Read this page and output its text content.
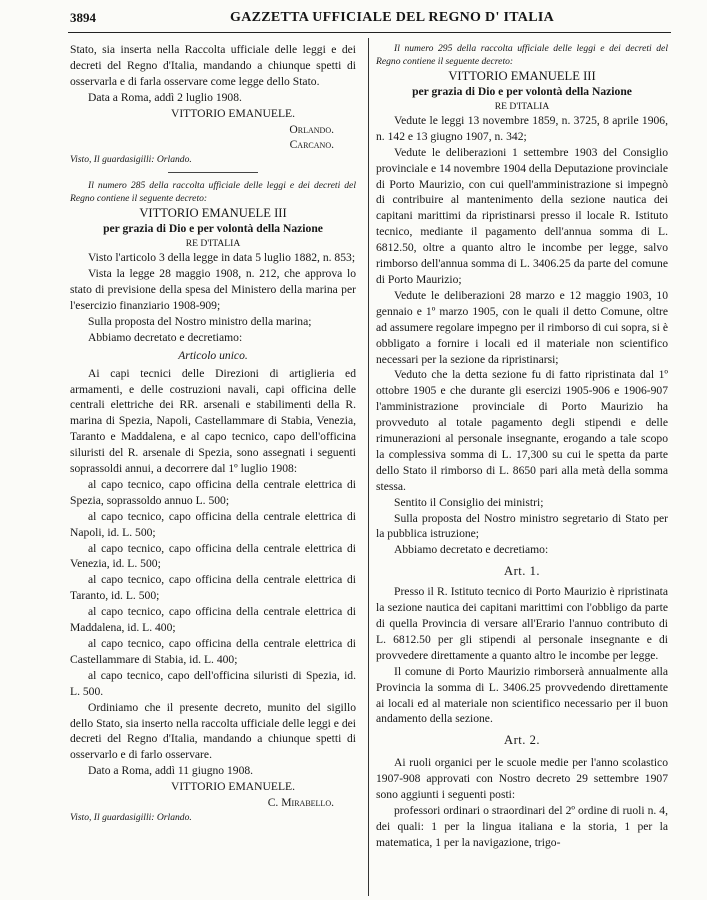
3894	GAZZETTA UFFICIALE DEL REGNO D' ITALIA

Stato, sia inserta nella Raccolta ufficiale delle leggi e dei decreti del Regno d'Italia, mandando a chiunque spetti di osservarla e di farla osservare come legge dello Stato.

Data a Roma, addì 2 luglio 1908.

VITTORIO EMANUELE.

Orlando.

Carcano.

Visto, Il guardasigilli: Orlando.

Il numero 285 della raccolta ufficiale delle leggi e dei decreti del Regno contiene il seguente decreto:

VITTORIO EMANUELE III

per grazia di Dio e per volontà della Nazione

RE D'ITALIA

Visto l'articolo 3 della legge in data 5 luglio 1882, n. 853;

Vista la legge 28 maggio 1908, n. 212, che approva lo stato di previsione della spesa del Ministero della marina per l'esercizio finanziario 1908-909;

Sulla proposta del Nostro ministro della marina;

Abbiamo decretato e decretiamo:

Articolo unico.

Ai capi tecnici delle Direzioni di artiglieria ed armamenti, e delle costruzioni navali, capi officina delle centrali elettriche dei RR. arsenali e stabilimenti della R. marina di Spezia, Napoli, Castellammare di Stabia, Venezia, Taranto e Maddalena, e al capo tecnico, capo dell'officina siluristi del R. arsenale di Spezia, sono assegnati i seguenti soprassoldi annui, a decorrere dal 1º luglio 1908:

al capo tecnico, capo officina della centrale elettrica di Spezia, soprassoldo annuo L. 500;

al capo tecnico, capo officina della centrale elettrica di Napoli, id. L. 500;

al capo tecnico, capo officina della centrale elettrica di Venezia, id. L. 500;

al capo tecnico, capo officina della centrale elettrica di Taranto, id. L. 500;

al capo tecnico, capo officina della centrale elettrica di Maddalena, id. L. 400;

al capo tecnico, capo officina della centrale elettrica di Castellammare di Stabia, id. L. 400;

al capo tecnico, capo dell'officina siluristi di Spezia, id. L. 500.

Ordiniamo che il presente decreto, munito del sigillo dello Stato, sia inserto nella raccolta ufficiale delle leggi e dei decreti del Regno d'Italia, mandando a chiunque spetti di osservarlo e di farlo osservare.

Dato a Roma, addì 11 giugno 1908.

VITTORIO EMANUELE.

C. Mirabello.

Visto, Il guardasigilli: Orlando.

Il numero 295 della raccolta ufficiale delle leggi e dei decreti del Regno contiene il seguente decreto:

VITTORIO EMANUELE III

per grazia di Dio e per volontà della Nazione

RE D'ITALIA

Vedute le leggi 13 novembre 1859, n. 3725, 8 aprile 1906, n. 142 e 13 giugno 1907, n. 342;

Vedute le deliberazioni 1 settembre 1903 del Consiglio provinciale e 14 novembre 1904 della Deputazione provinciale di Porto Maurizio, con cui quell'amministrazione si impegnò di contribuire al mantenimento della sezione nautica dei capitani marittimi da ripristinarsi presso il locale R. Istituto tecnico, mediante il pagamento dell'annua somma di L. 6812.50, oltre a quanto altro le incombe per legge, salvo rimborso dell'annua somma di L. 3406.25 da parte del comune di Porto Maurizio;

Vedute le deliberazioni 28 marzo e 12 maggio 1903, 10 gennaio e 1º marzo 1905, con le quali il detto Comune, oltre ad assumere regolare impegno per il rimborso di cui sopra, si è obbligato a fornire i locali ed il materiale non scientifico necessari per la sezione da ripristinarsi;

Veduto che la detta sezione fu di fatto ripristinata dal 1º ottobre 1905 e che durante gli esercizi 1905-906 e 1906-907 l'amministrazione provinciale di Porto Maurizio ha provveduto al totale pagamento degli stipendi e delle rimunerazioni al personale insegnante, erogando a tale scopo la complessiva somma di L. 17,300 su cui le spetta da parte dello Stato il rimborso di L. 8650 pari alla metà della somma stessa.

Sentito il Consiglio dei ministri;

Sulla proposta del Nostro ministro segretario di Stato per la pubblica istruzione;

Abbiamo decretato e decretiamo:

Art. 1.

Presso il R. Istituto tecnico di Porto Maurizio è ripristinata la sezione nautica dei capitani marittimi con l'obbligo da parte di quella Provincia di versare all'Erario l'annuo contributo di L. 6812.50 per gli stipendi al personale insegnante e di provvedere direttamente a quanto altro le incombe per legge.

Il comune di Porto Maurizio rimborserà annualmente alla Provincia la somma di L. 3406.25 provvedendo direttamente ai locali ed al materiale non scientifico necessario per il buon andamento della sezione.

Art. 2.

Ai ruoli organici per le scuole medie per l'anno scolastico 1907-908 approvati con Nostro decreto 29 settembre 1907 sono aggiunti i seguenti posti:

professori ordinari o straordinari del 2º ordine di ruoli n. 4, dei quali: 1 per la lingua italiana e la storia, 1 per la matematica, 1 per la navigazione, trigo-
